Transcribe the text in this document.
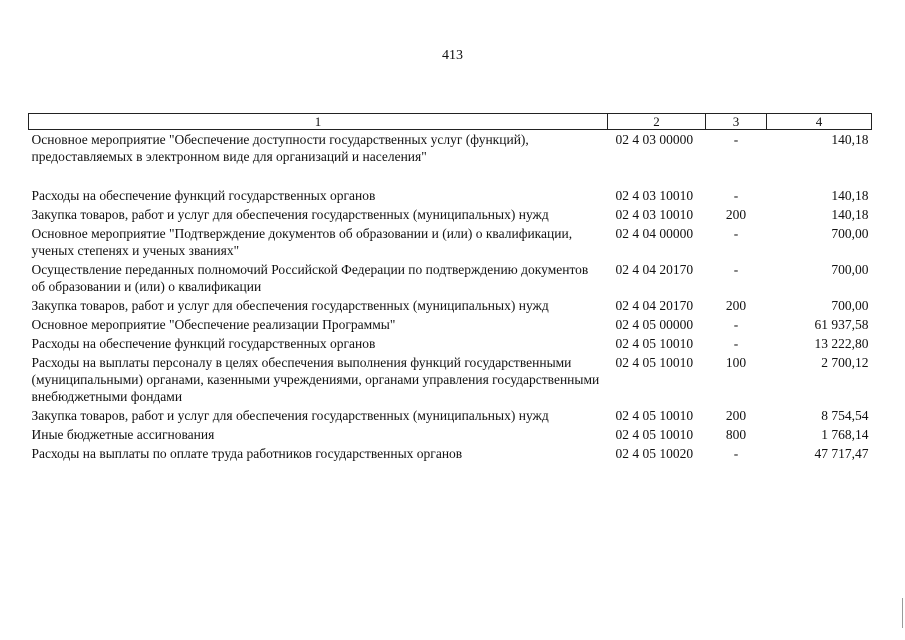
413
1	2	3	4
Основное мероприятие "Обеспечение доступности государственных услуг (функций), предоставляемых в электронном виде для организаций и населения"	02 4 03 00000	-	140,18
Расходы на обеспечение функций государственных органов	02 4 03 10010	-	140,18
Закупка товаров, работ и услуг для обеспечения государственных (муниципальных) нужд	02 4 03 10010	200	140,18
Основное мероприятие "Подтверждение документов об образовании и (или) о квалификации, ученых степенях и ученых званиях"	02 4 04 00000	-	700,00
Осуществление переданных полномочий Российской Федерации по подтверждению документов об образовании и (или) о квалификации	02 4 04 20170	-	700,00
Закупка товаров, работ и услуг для обеспечения государственных (муниципальных) нужд	02 4 04 20170	200	700,00
Основное мероприятие "Обеспечение реализации Программы"	02 4 05 00000	-	61 937,58
Расходы на обеспечение функций государственных органов	02 4 05 10010	-	13 222,80
Расходы на выплаты персоналу в целях обеспечения выполнения функций государственными (муниципальными) органами, казенными учреждениями, органами управления государственными внебюджетными фондами	02 4 05 10010	100	2 700,12
Закупка товаров, работ и услуг для обеспечения государственных (муниципальных) нужд	02 4 05 10010	200	8 754,54
Иные бюджетные ассигнования	02 4 05 10010	800	1 768,14
Расходы на выплаты по оплате труда работников государственных органов	02 4 05 10020	-	47 717,47
